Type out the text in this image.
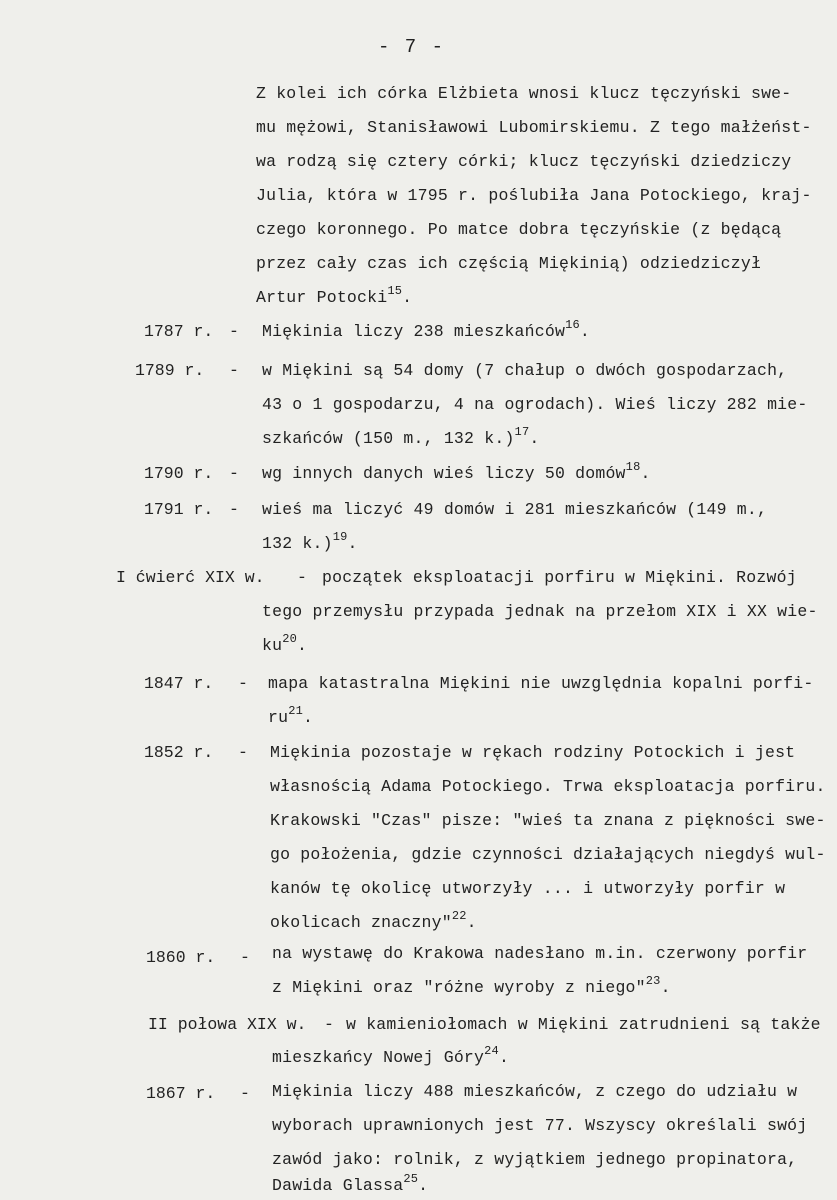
- 7 -
Z kolei ich córka Elżbieta wnosi klucz tęczyński swe-
mu mężowi, Stanisławowi Lubomirskiemu. Z tego małżeńst-
wa rodzą się cztery córki; klucz tęczyński dziedziczy
Julia, która w 1795 r. poślubiła Jana Potockiego, kraj-
czego koronnego. Po matce dobra tęczyńskie (z będącą
przez cały czas ich częścią Miękinią) odziedziczył
Artur Potocki$^{15}$.
1787 r. - Miękinia liczy 238 mieszkańców$^{16}$.
1789 r. - w Miękini są 54 domy (7 chałup o dwóch gospodarzach,
43 o 1 gospodarzu, 4 na ogrodach). Wieś liczy 282 mie-
szkańców (150 m., 132 k.)$^{17}$.
1790 r. - wg innych danych wieś liczy 50 domów$^{18}$.
1791 r. - wieś ma liczyć 49 domów i 281 mieszkańców (149 m.,
132 k.)$^{19}$.
I ćwierć XIX w. - początek eksploatacji porfiru w Miękini. Rozwój
tego przemysłu przypada jednak na przełom XIX i XX wie-
$ku^{20}$.
1847 r. - mapa katastralna Miękini nie uwzględnia kopalni porfi-
$ru^{21}$.
1852 r. - Miękinia pozostaje w rękach rodziny Potockich i jest
własnością Adama Potockiego. Trwa eksploatacja porfiru.
Krakowski "Czas" pisze: "wieś ta znana z piękności swe-
go położenia, gdzie czynności działających niegdyś wul-
kanów tę okolicę utworzyły ... i utworzyły porfir w
okolicach znaczny"$^{22}$.
1860 r. - na wystawę do Krakowa nadesłano m.in. czerwony porfir
z Miękini oraz "różne wyroby z niego"$^{23}$.
II połowa XIX w. - w kamieniołomach w Miękini zatrudnieni są także
mieszkańcy Nowej Góry$^{24}$.
1867 r. - Miękinia liczy 488 mieszkańców, z czego do udziału w
wyborach uprawnionych jest 77. Wszyscy określali swój
zawód jako: rolnik, z wyjątkiem jednego propinatora,
Dawida Glassa$^{25}$.
